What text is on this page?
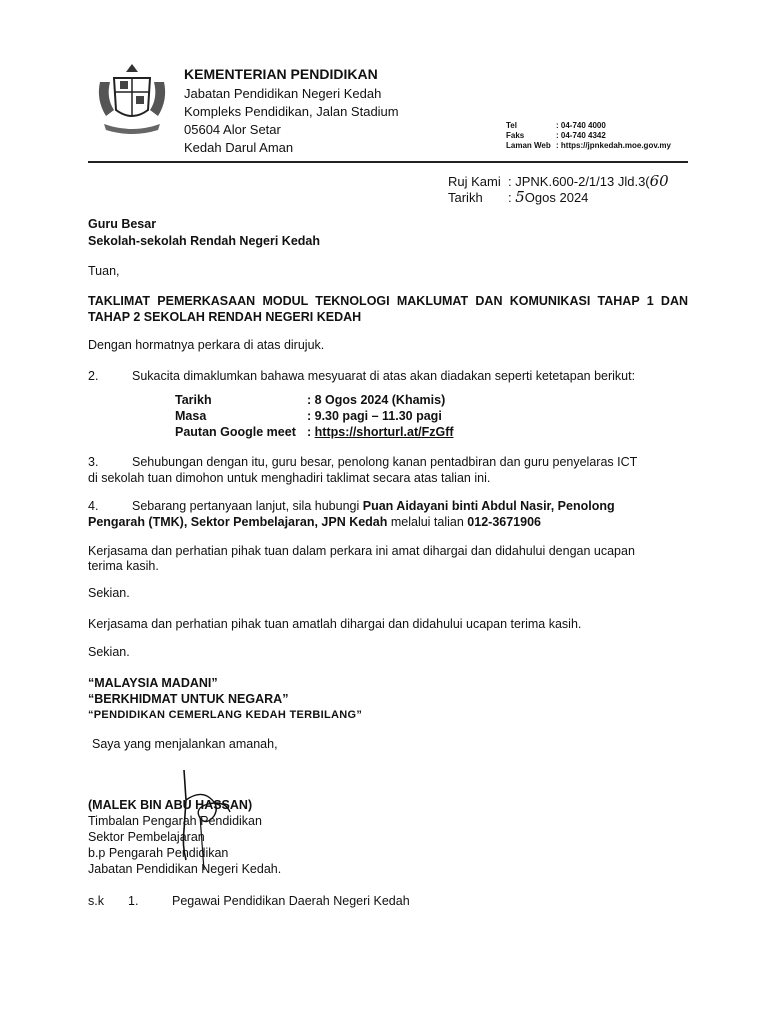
KEMENTERIAN PENDIDIKAN
Jabatan Pendidikan Negeri Kedah
Kompleks Pendidikan, Jalan Stadium
05604 Alor Setar
Kedah Darul Aman
Tel	: 04-740 4000
Faks	: 04-740 4342
Laman Web : https://jpnkedah.moe.gov.my
Ruj Kami : JPNK.600-2/1/13 Jld.3(60
Tarikh : 5Ogos 2024
Guru Besar
Sekolah-sekolah Rendah Negeri Kedah
Tuan,
TAKLIMAT PEMERKASAAN MODUL TEKNOLOGI MAKLUMAT DAN KOMUNIKASI TAHAP 1 DAN TAHAP 2 SEKOLAH RENDAH NEGERI KEDAH
Dengan hormatnya perkara di atas dirujuk.
2.	Sukacita dimaklumkan bahawa mesyuarat di atas akan diadakan seperti ketetapan berikut:
Tarikh	: 8 Ogos 2024 (Khamis)
Masa	: 9.30 pagi – 11.30 pagi
Pautan Google meet : https://shorturl.at/FzGff
3.	Sehubungan dengan itu, guru besar, penolong kanan pentadbiran dan guru penyelaras ICT
di sekolah tuan dimohon untuk menghadiri taklimat secara atas talian ini.
4.	Sebarang pertanyaan lanjut, sila hubungi Puan Aidayani binti Abdul Nasir, Penolong
Pengarah (TMK), Sektor Pembelajaran, JPN Kedah melalui talian 012-3671906
Kerjasama dan perhatian pihak tuan dalam perkara ini amat dihargai dan didahului dengan ucapan
terima kasih.
Sekian.
Kerjasama dan perhatian pihak tuan amatlah dihargai dan didahului ucapan terima kasih.
Sekian.
“MALAYSIA MADANI”
“BERKHIDMAT UNTUK NEGARA”
“PENDIDIKAN CEMERLANG KEDAH TERBILANG”
Saya yang menjalankan amanah,
(MALEK BIN ABU HASSAN)
Timbalan Pengarah Pendidikan
Sektor Pembelajaran
b.p Pengarah Pendidikan
Jabatan Pendidikan Negeri Kedah.
s.k 1.	Pegawai Pendidikan Daerah Negeri Kedah
